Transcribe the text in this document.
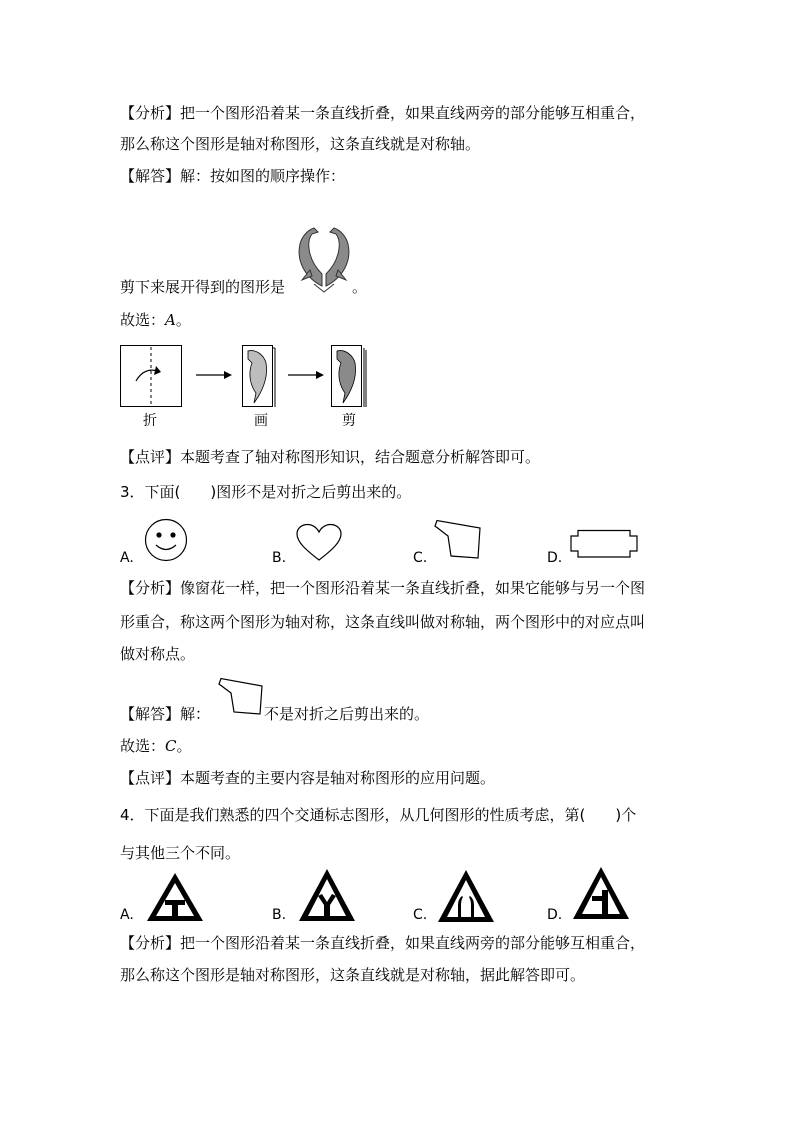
【分析】把一个图形沿着某一条直线折叠，如果直线两旁的部分能够互相重合，
那么称这个图形是轴对称图形，这条直线就是对称轴。
【解答】解：按如图的顺序操作：
剪下来展开得到的图形是	。
故选：A。
折	画	剪
【点评】本题考查了轴对称图形知识，结合题意分析解答即可。
3．下面(　　)图形不是对折之后剪出来的。
A.	B.	C.	D.
【分析】像窗花一样，把一个图形沿着某一条直线折叠，如果它能够与另一个图
形重合，称这两个图形为轴对称，这条直线叫做对称轴，两个图形中的对应点叫
做对称点。
【解答】解：	不是对折之后剪出来的。
故选：C。
【点评】本题考查的主要内容是轴对称图形的应用问题。
4．下面是我们熟悉的四个交通标志图形，从几何图形的性质考虑，第(　　)个
与其他三个不同。
A.	B.	C.	D.
【分析】把一个图形沿着某一条直线折叠，如果直线两旁的部分能够互相重合，
那么称这个图形是轴对称图形，这条直线就是对称轴，据此解答即可。
